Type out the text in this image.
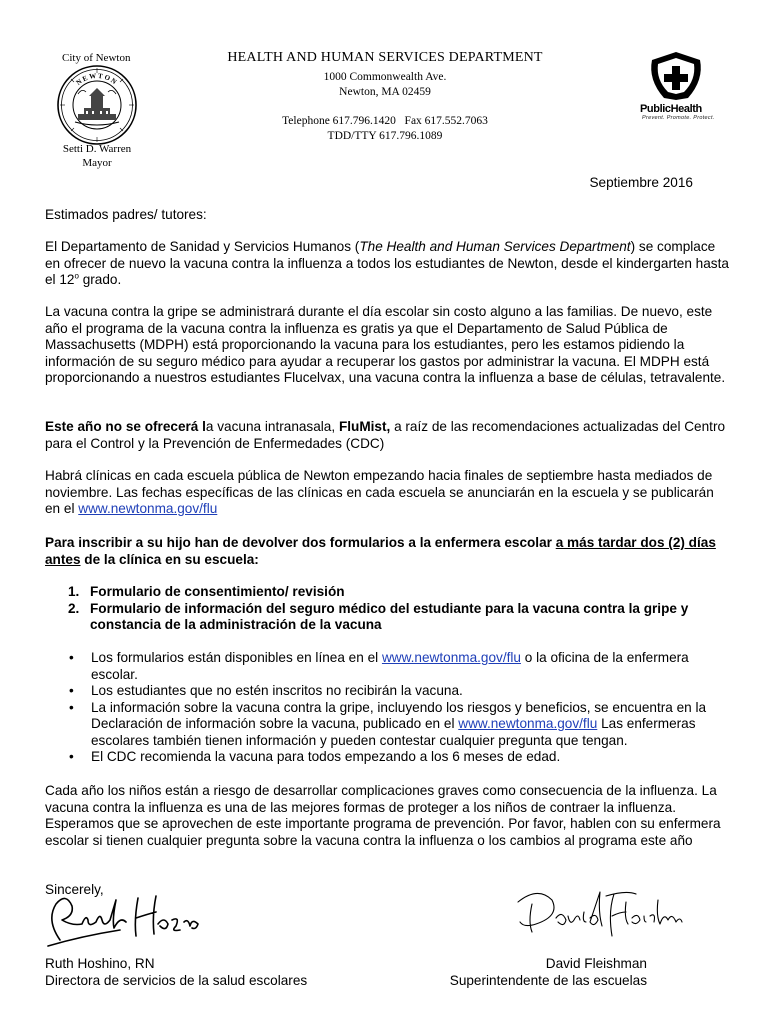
City of Newton
NEWTON
Setti D. Warren
Mayor
HEALTH AND HUMAN SERVICES DEPARTMENT
1000 Commonwealth Ave.
Newton, MA 02459
Telephone 617.796.1420   Fax 617.552.7063
TDD/TTY 617.796.1089
PublicHealth
Prevent. Promote. Protect.
Septiembre 2016

Estimados padres/ tutores:

El Departamento de Sanidad y Servicios Humanos (The Health and Human Services Department) se complace en ofrecer de nuevo la vacuna contra la influenza a todos los estudiantes de Newton, desde el kindergarten hasta el 12$^o$ grado.

La vacuna contra la gripe se administrará durante el día escolar sin costo alguno a las familias. De nuevo, este año el programa de la vacuna contra la influenza es gratis ya que el Departamento de Salud Pública de Massachusetts (MDPH) está proporcionando la vacuna para los estudiantes, pero les estamos pidiendo la información de su seguro médico para ayudar a recuperar los gastos por administrar la vacuna. El MDPH está proporcionando a nuestros estudiantes Flucelvax, una vacuna contra la influenza a base de células, tetravalente.

Este año no se ofrecerá la vacuna intranasala, FluMist, a raíz de las recomendaciones actualizadas del Centro para el Control y la Prevención de Enfermedades (CDC)

Habrá clínicas en cada escuela pública de Newton empezando hacia finales de septiembre hasta mediados de noviembre. Las fechas específicas de las clínicas en cada escuela se anunciarán en la escuela y se publicarán en el www.newtonma.gov/flu

Para inscribir a su hijo han de devolver dos formularios a la enfermera escolar a más tardar dos (2) días antes de la clínica en su escuela:

1. Formulario de consentimiento/ revisión
2. Formulario de información del seguro médico del estudiante para la vacuna contra la gripe y constancia de la administración de la vacuna
• Los formularios están disponibles en línea en el www.newtonma.gov/flu o la oficina de la enfermera escolar.
• Los estudiantes que no estén inscritos no recibirán la vacuna.
• La información sobre la vacuna contra la gripe, incluyendo los riesgos y beneficios, se encuentra en la Declaración de información sobre la vacuna, publicado en el www.newtonma.gov/flu Las enfermeras escolares también tienen información y pueden contestar cualquier pregunta que tengan.
• El CDC recomienda la vacuna para todos empezando a los 6 meses de edad.

Cada año los niños están a riesgo de desarrollar complicaciones graves como consecuencia de la influenza. La vacuna contra la influenza es una de las mejores formas de proteger a los niños de contraer la influenza. Esperamos que se aprovechen de este importante programa de prevención. Por favor, hablen con su enfermera escolar si tienen cualquier pregunta sobre la vacuna contra la influenza o los cambios al programa este año

Sincerely,

Ruth Hoshino, RN
Directora de servicios de la salud escolares
David Fleishman
Superintendente de las escuelas
